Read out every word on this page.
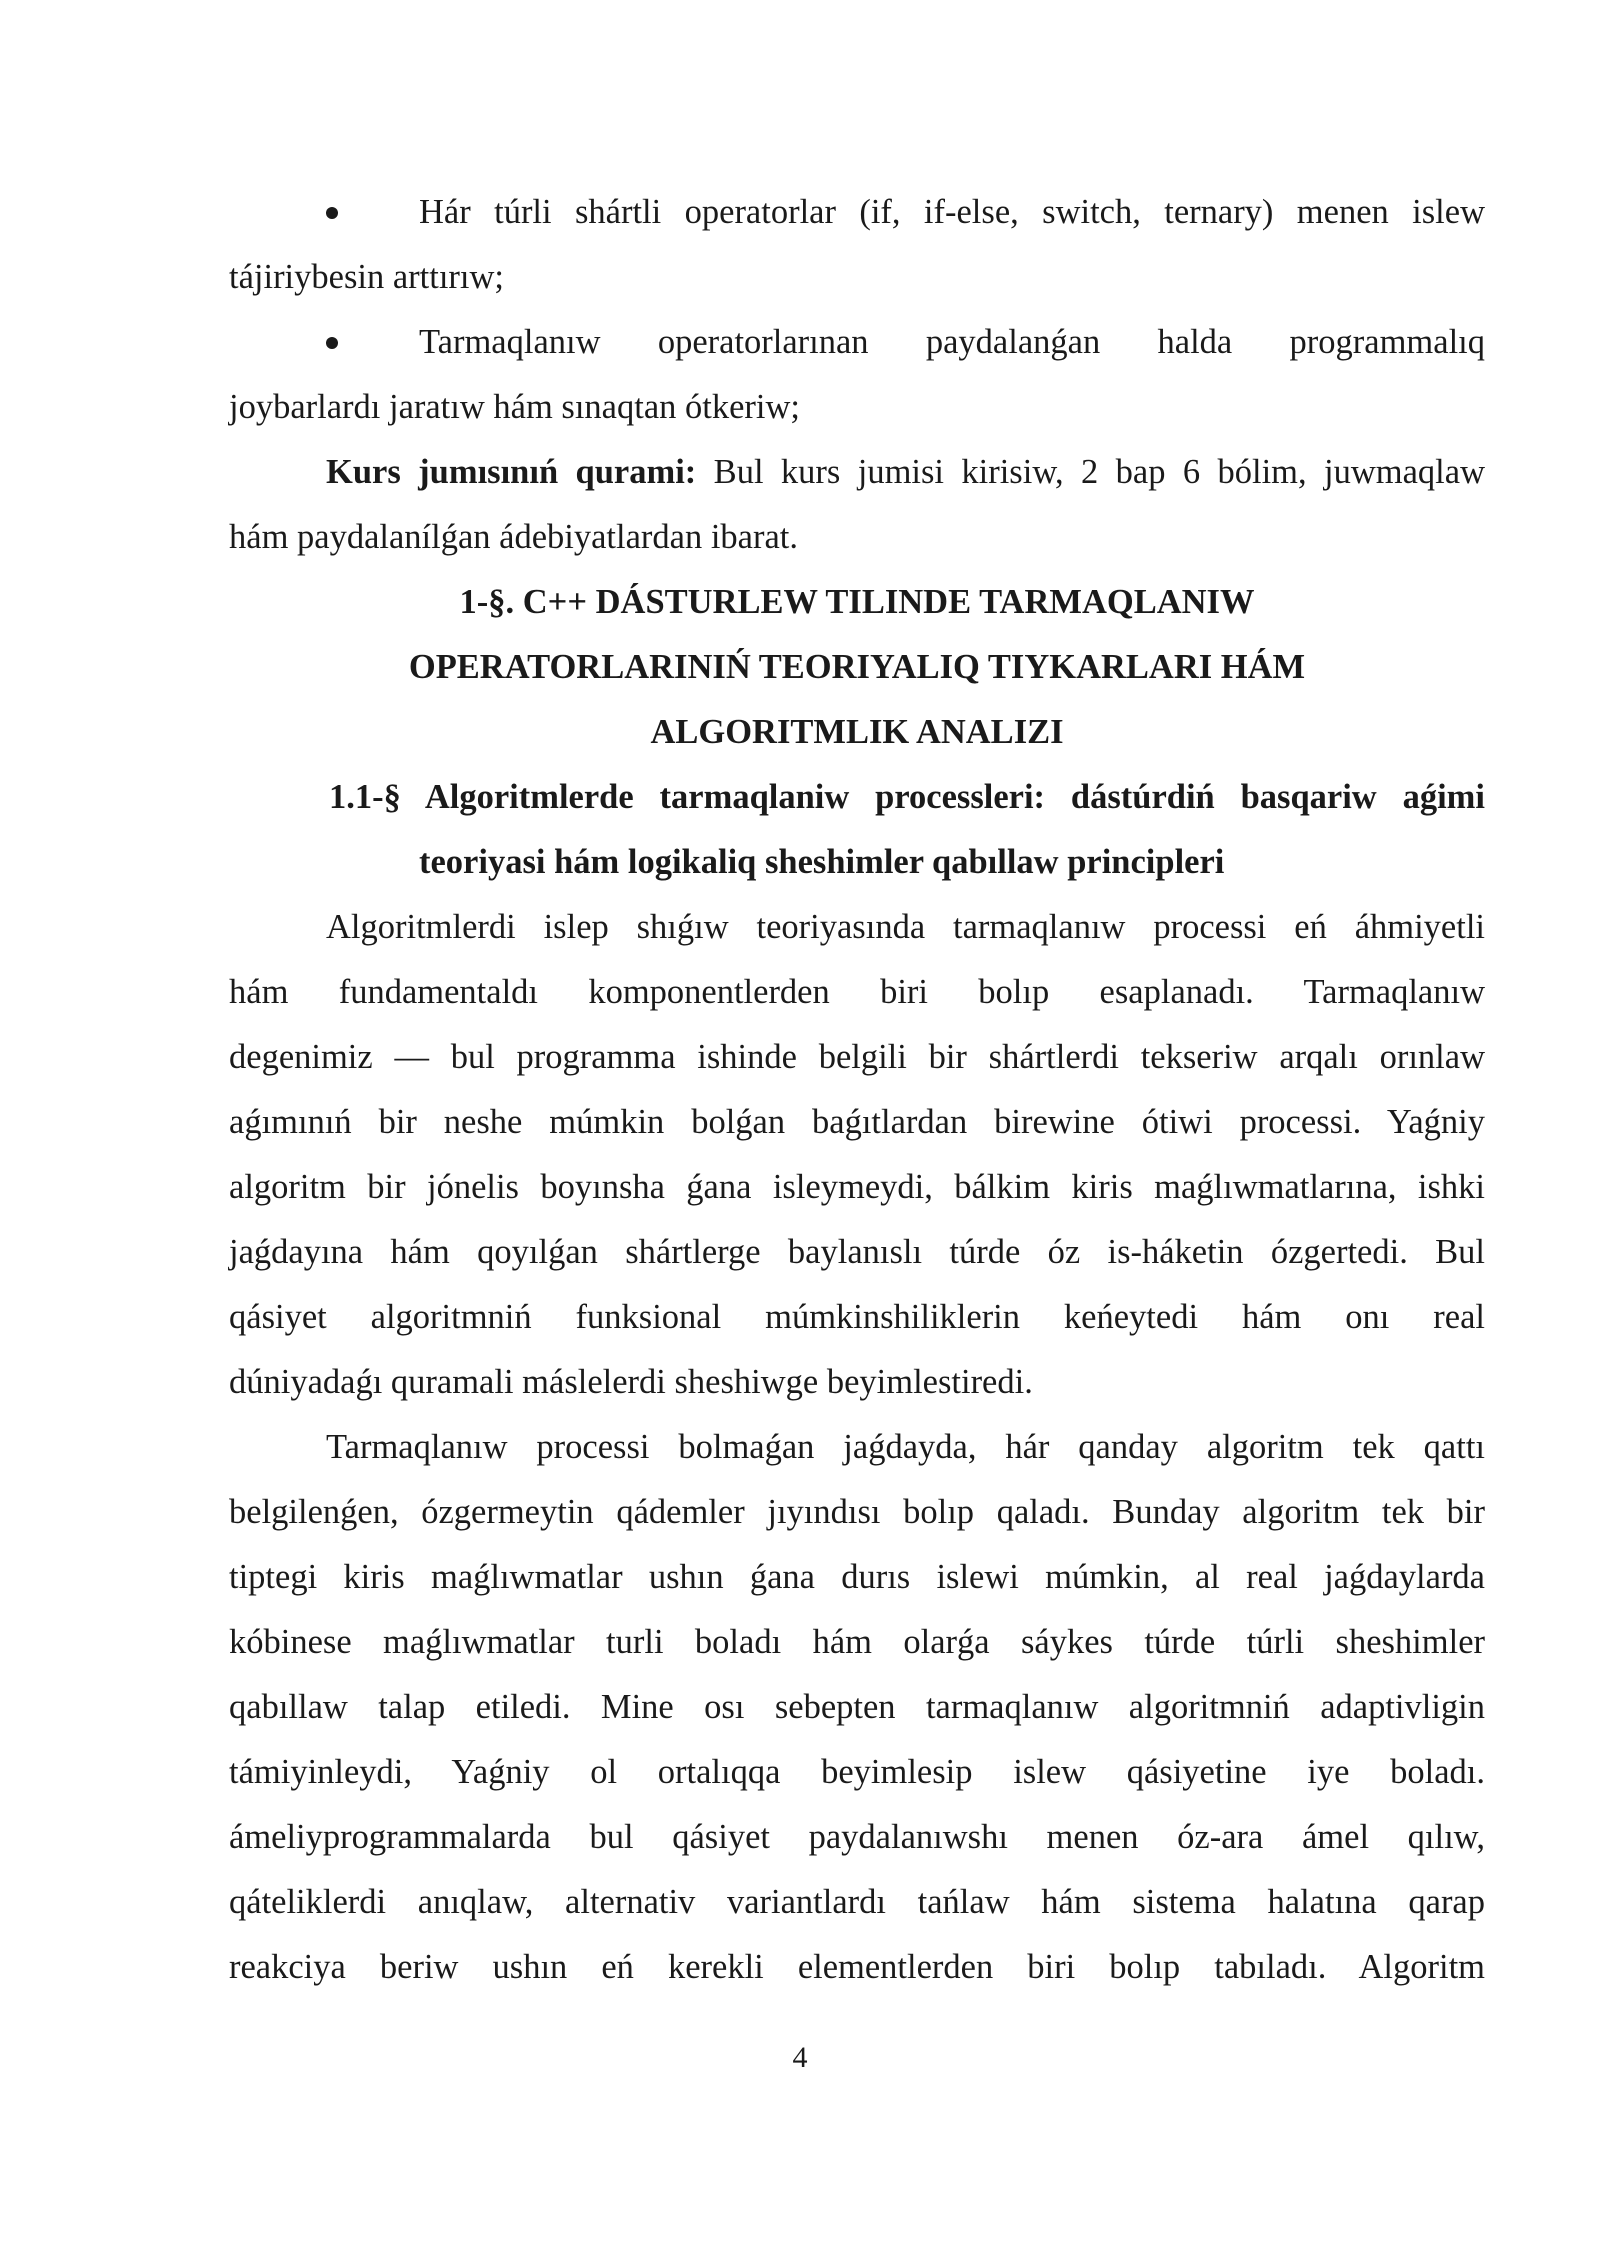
Hár túrli shártli operatorlar (if, if-else, switch, ternary) menen islew
tájiriybesin arttırıw;
Tarmaqlanıw operatorlarınan paydalanǵan halda programmalıq
joybarlardı jaratıw hám sınaqtan ótkeriw;
Kurs jumısınıń qurami: Bul kurs jumisi kirisiw, 2 bap 6 bólim, juwmaqlaw
hám paydalanílǵan ádebiyatlardan ibarat.
1-§. C++ DÁSTURLEW TILINDE TARMAQLANIW
OPERATORLARINIŃ TEORIYALIQ TIYKARLARI HÁM
ALGORITMLIK ANALIZI
1.1-§ Algoritmlerde tarmaqlaniw processleri: dástúrdiń basqariw aǵimi
teoriyasi hám logikaliq sheshimler qabıllaw principleri
Algoritmlerdi islep shıǵıw teoriyasında tarmaqlanıw processi eń áhmiyetli
hám fundamentaldı komponentlerden biri bolıp esaplanadı. Tarmaqlanıw
degenimiz — bul programma ishinde belgili bir shártlerdi tekseriw arqalı orınlaw
aǵımınıń bir neshe múmkin bolǵan baǵıtlardan birewine ótiwi processi. Yaǵniy
algoritm bir jónelis boyınsha ǵana isleymeydi, bálkim kiris maǵlıwmatlarına, ishki
jaǵdayına hám qoyılǵan shártlerge baylanıslı túrde óz is-háketin ózgertedi. Bul
qásiyet algoritmniń funksional múmkinshiliklerin keńeytedi hám onı real
dúniyadaǵı quramali máslelerdi sheshiwge beyimlestiredi.
Tarmaqlanıw processi bolmaǵan jaǵdayda, hár qanday algoritm tek qattı
belgilenǵen, ózgermeytin qádemler jıyındısı bolıp qaladı. Bunday algoritm tek bir
tiptegi kiris maǵlıwmatlar ushın ǵana durıs islewi múmkin, al real jaǵdaylarda
kóbinese maǵlıwmatlar turli boladı hám olarǵa sáykes túrde túrli sheshimler
qabıllaw talap etiledi. Mine osı sebepten tarmaqlanıw algoritmniń adaptivligin
támiyinleydi, Yaǵniy ol ortalıqqa beyimlesip islew qásiyetine iye boladı.
ámeliyprogrammalarda bul qásiyet paydalanıwshı menen óz-ara ámel qılıw,
qáteliklerdi anıqlaw, alternativ variantlardı tańlaw hám sistema halatına qarap
reakciya beriw ushın eń kerekli elementlerden biri bolıp tabıladı. Algoritm
4
